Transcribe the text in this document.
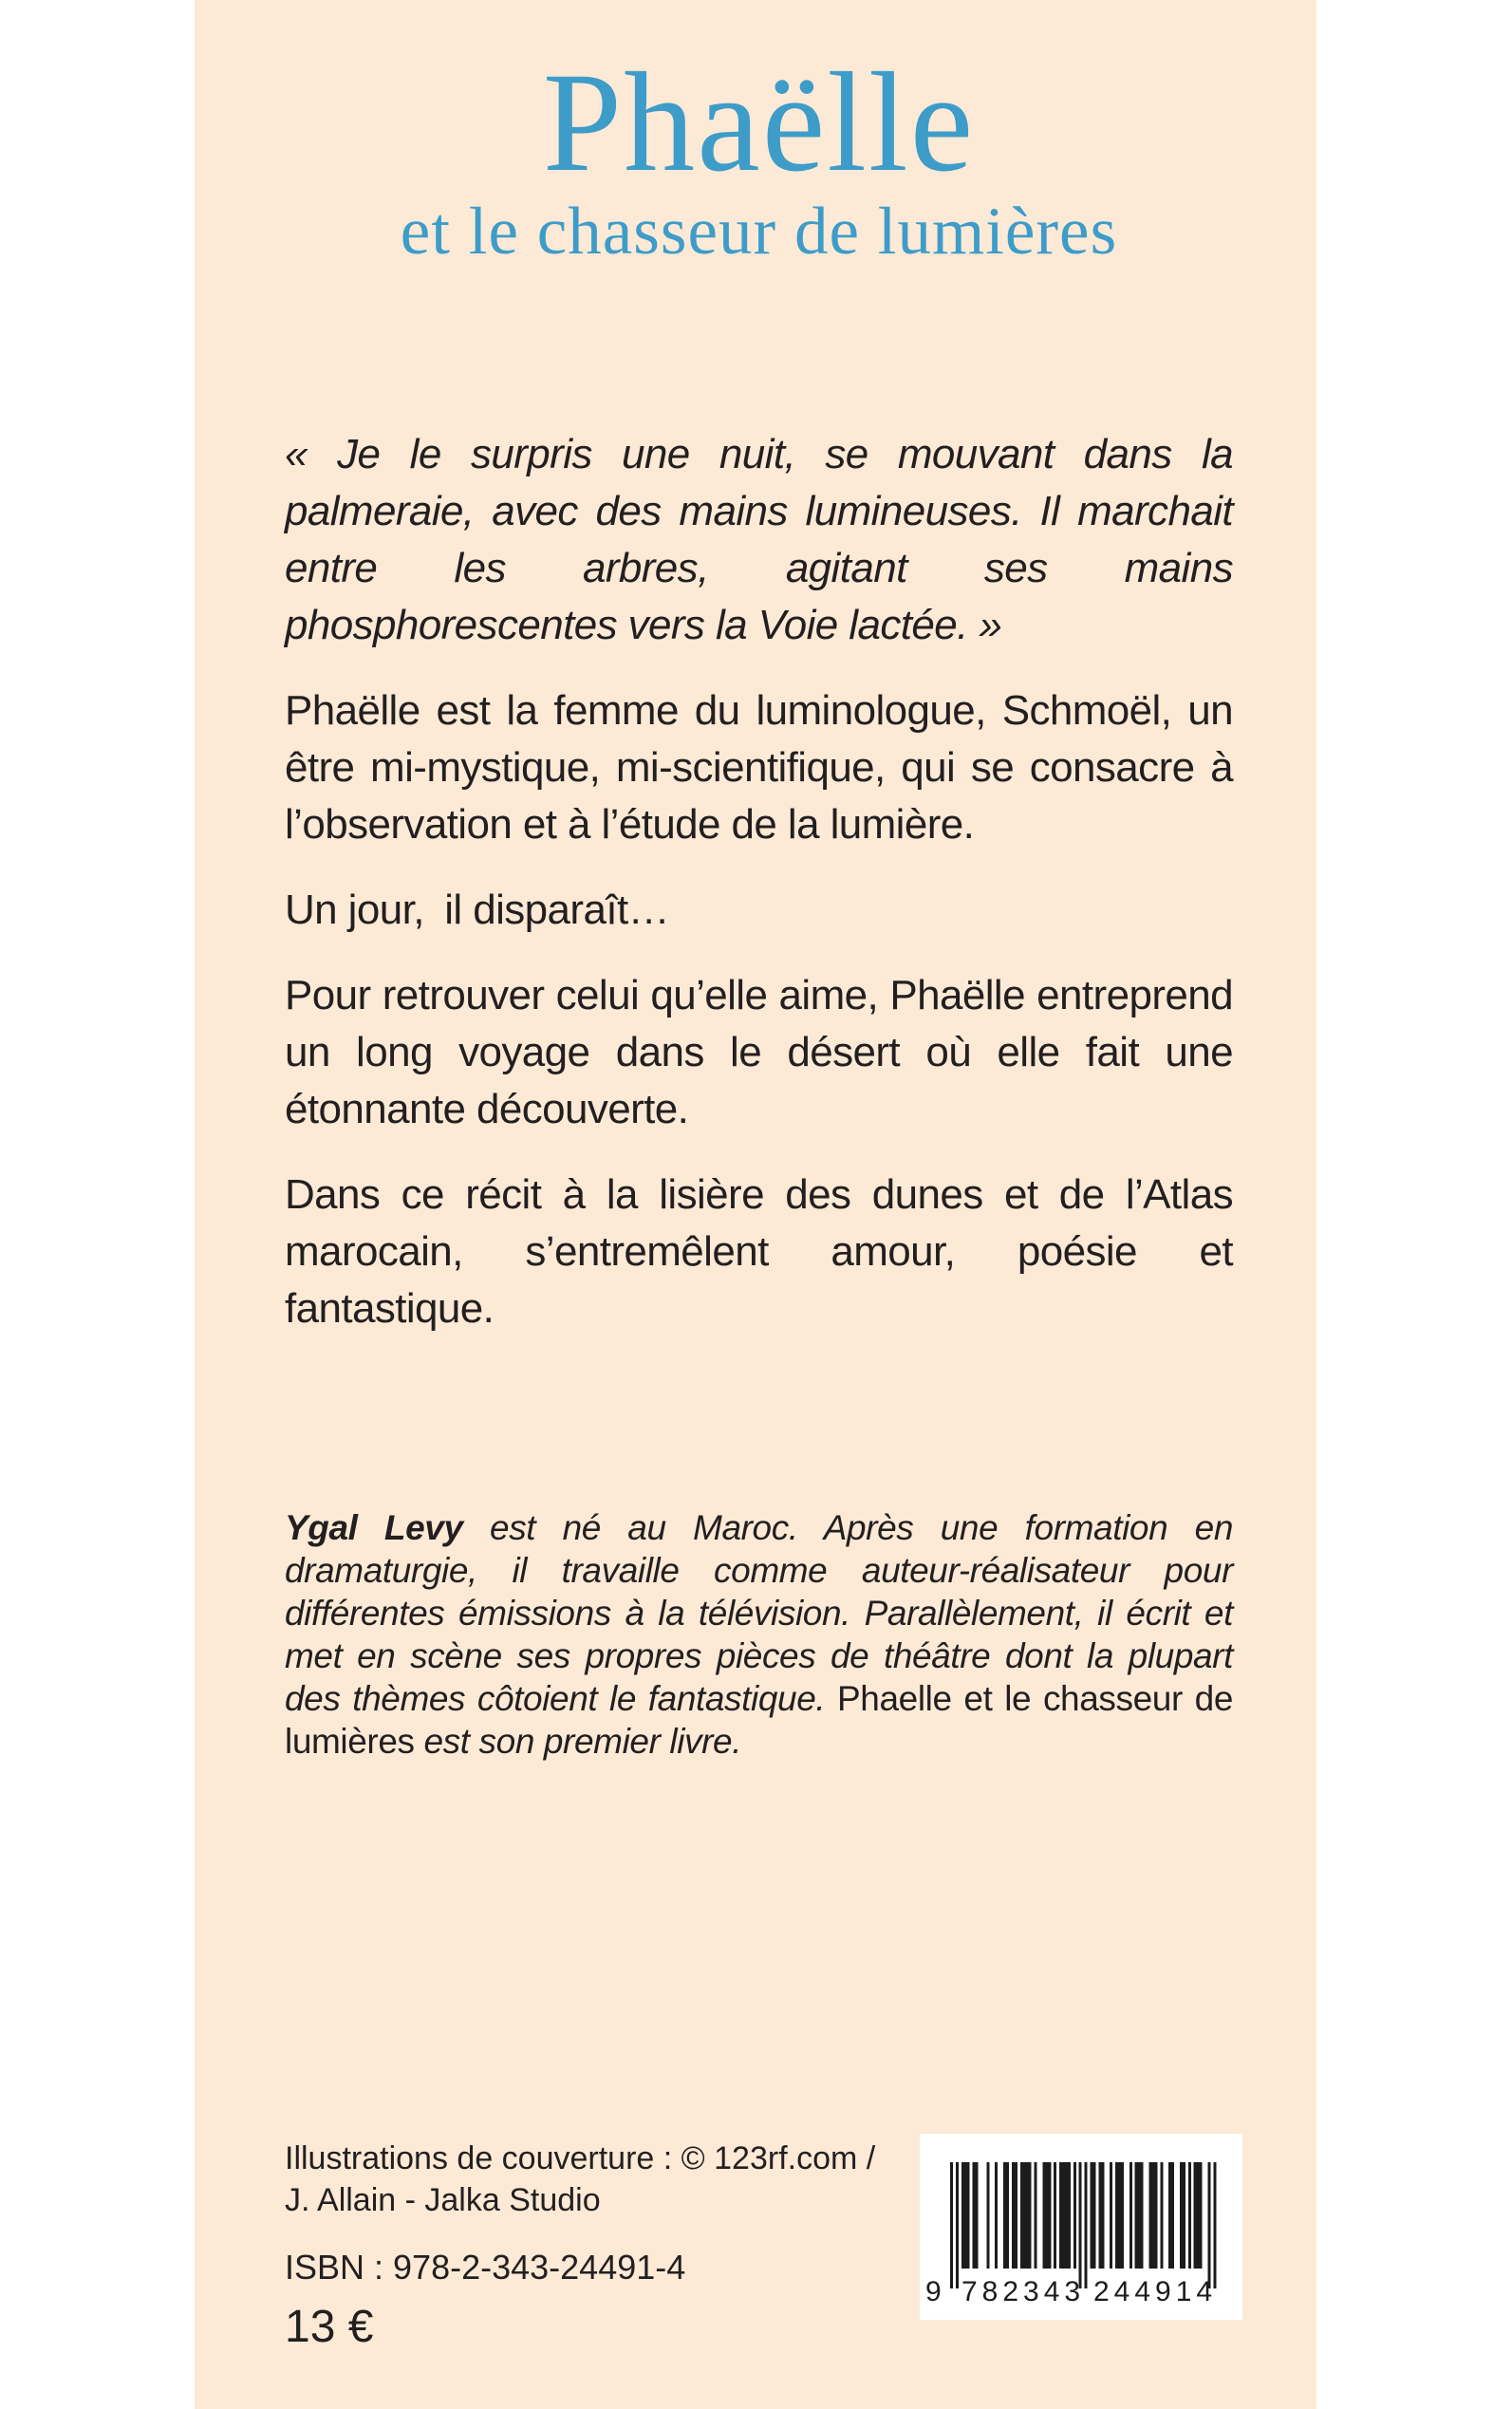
Phaëlle
et le chasseur de lumières

« Je le surpris une nuit, se mouvant dans la palmeraie, avec des mains lumineuses. Il marchait entre les arbres, agitant ses mains phosphorescentes vers la Voie lactée. »

Phaëlle est la femme du luminologue, Schmoël, un être mi-mystique, mi-scientifique, qui se consacre à l’observation et à l’étude de la lumière.

Un jour, il disparaît…

Pour retrouver celui qu’elle aime, Phaëlle entreprend un long voyage dans le désert où elle fait une étonnante découverte.

Dans ce récit à la lisière des dunes et de l’Atlas marocain, s’entremêlent amour, poésie et fantastique.

Ygal Levy est né au Maroc. Après une formation en dramaturgie, il travaille comme auteur-réalisateur pour différentes émissions à la télévision. Parallèlement, il écrit et met en scène ses propres pièces de théâtre dont la plupart des thèmes côtoient le fantastique. Phaelle et le chasseur de lumières est son premier livre.
Illustrations de couverture : © 123rf.com /
J. Allain - Jalka Studio
ISBN : 978-2-343-24491-4
13 €
9 782343 244914
